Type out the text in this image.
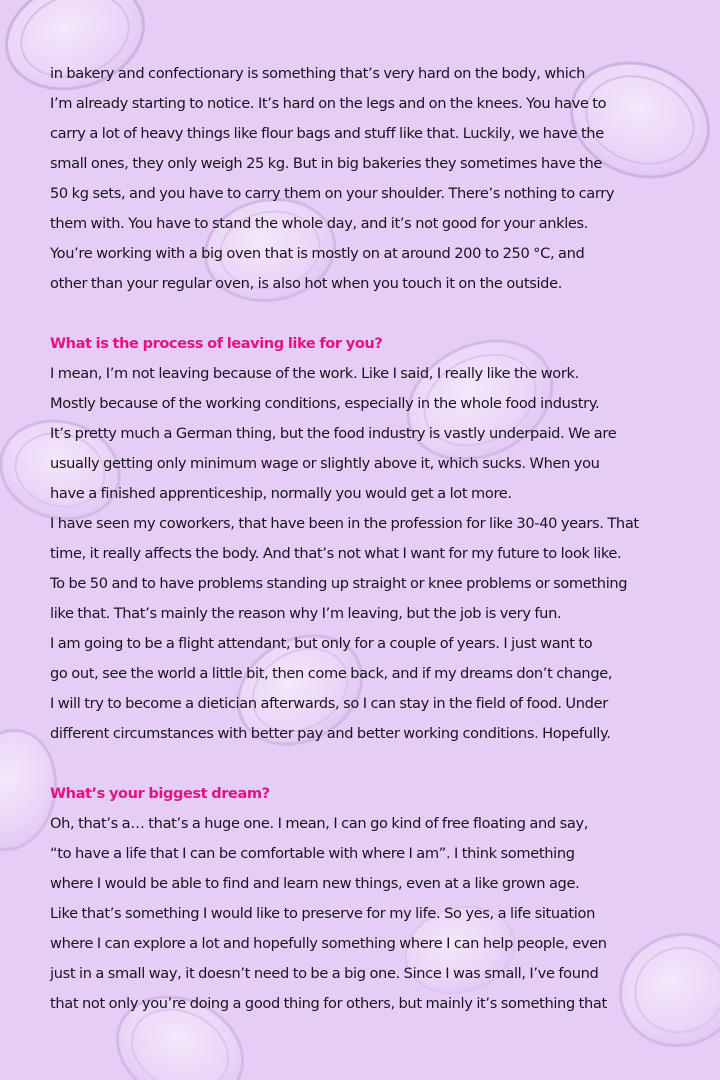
in bakery and confectionary is something that’s very hard on the body, which
I’m already starting to notice. It’s hard on the legs and on the knees. You have to
carry a lot of heavy things like flour bags and stuff like that. Luckily, we have the
small ones, they only weigh 25 kg. But in big bakeries they sometimes have the
50 kg sets, and you have to carry them on your shoulder. There’s nothing to carry
them with. You have to stand the whole day, and it’s not good for your ankles.
You’re working with a big oven that is mostly on at around 200 to 250 °C, and
other than your regular oven, is also hot when you touch it on the outside.
What is the process of leaving like for you?
I mean, I’m not leaving because of the work. Like I said, I really like the work.
Mostly because of the working conditions, especially in the whole food industry.
It’s pretty much a German thing, but the food industry is vastly underpaid. We are
usually getting only minimum wage or slightly above it, which sucks. When you
have a finished apprenticeship, normally you would get a lot more.
I have seen my coworkers, that have been in the profession for like 30-40 years. That
time, it really affects the body. And that’s not what I want for my future to look like.
To be 50 and to have problems standing up straight or knee problems or something
like that. That’s mainly the reason why I’m leaving, but the job is very fun.
I am going to be a flight attendant, but only for a couple of years. I just want to
go out, see the world a little bit, then come back, and if my dreams don’t change,
I will try to become a dietician afterwards, so I can stay in the field of food. Under
different circumstances with better pay and better working conditions. Hopefully.
What’s your biggest dream?
Oh, that’s a… that’s a huge one. I mean, I can go kind of free floating and say,
“to have a life that I can be comfortable with where I am”. I think something
where I would be able to find and learn new things, even at a like grown age.
Like that’s something I would like to preserve for my life. So yes, a life situation
where I can explore a lot and hopefully something where I can help people, even
just in a small way, it doesn’t need to be a big one. Since I was small, I’ve found
that not only you’re doing a good thing for others, but mainly it’s something that
